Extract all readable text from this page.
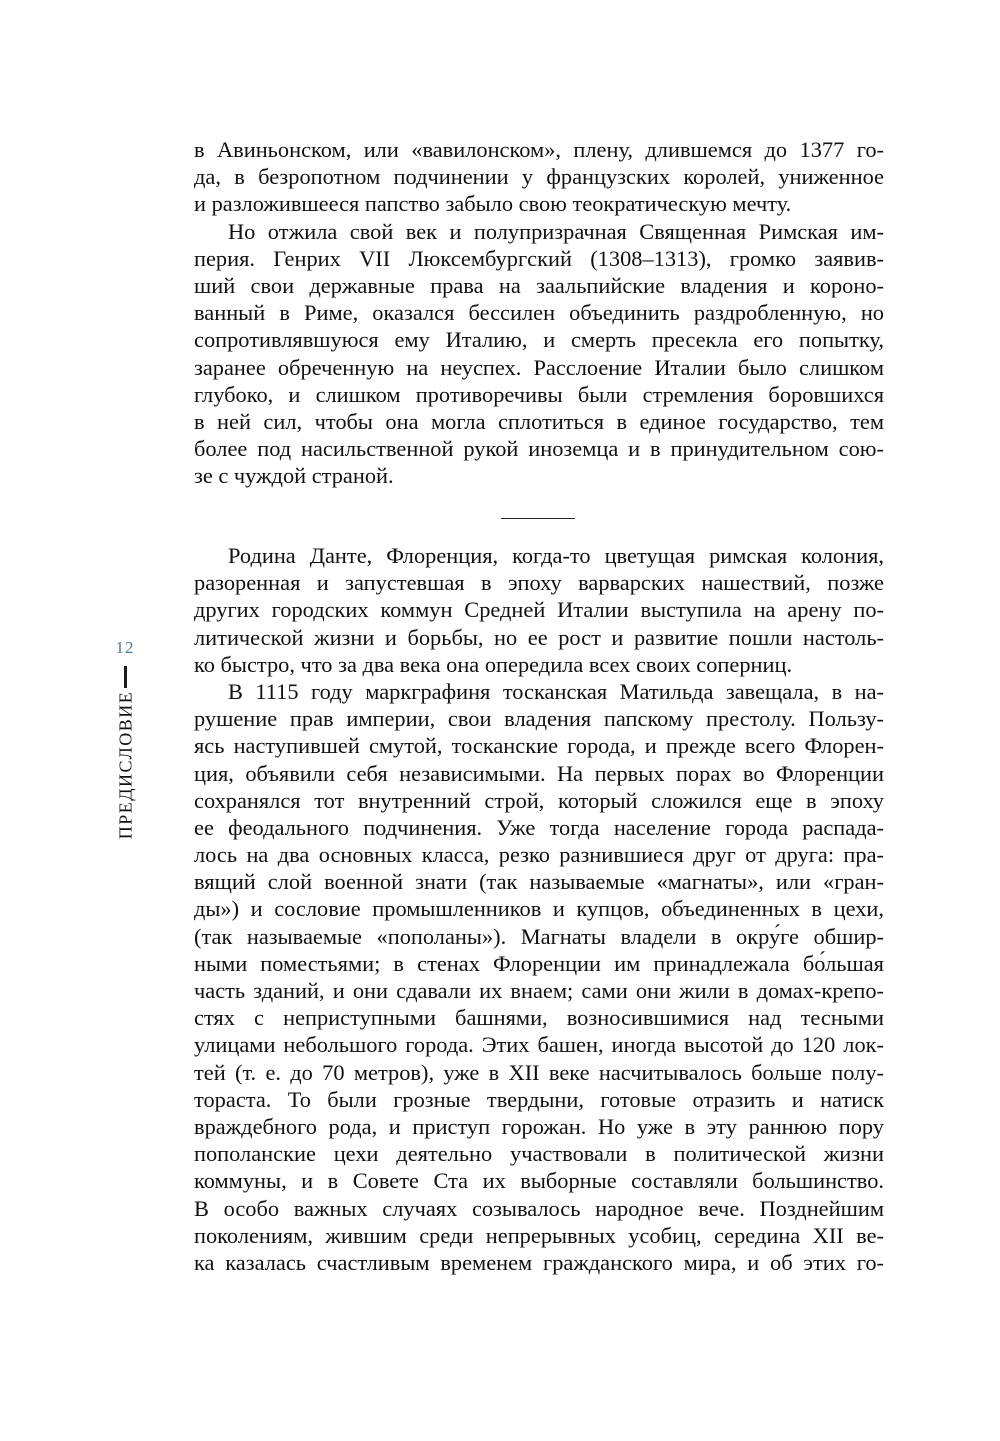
в Авиньонском, или «вавилонском», плену, длившемся до 1377 го-
да, в безропотном подчинении у французских королей, униженное
и разложившееся папство забыло свою теократическую мечту.
Но отжила свой век и полупризрачная Священная Римская им-
перия. Генрих VII Люксембургский (1308–1313), громко заявив-
ший свои державные права на заальпийские владения и короно-
ванный в Риме, оказался бессилен объединить раздробленную, но
сопротивлявшуюся ему Италию, и смерть пресекла его попытку,
заранее обреченную на неуспех. Расслоение Италии было слишком
глубоко, и слишком противоречивы были стремления боровшихся
в ней сил, чтобы она могла сплотиться в единое государство, тем
более под насильственной рукой иноземца и в принудительном сою-
зе с чуждой страной.
Родина Данте, Флоренция, когда-то цветущая римская колония,
разоренная и запустевшая в эпоху варварских нашествий, позже
других городских коммун Средней Италии выступила на арену по-
литической жизни и борьбы, но ее рост и развитие пошли настоль-
ко быстро, что за два века она опередила всех своих соперниц.
В 1115 году маркграфиня тосканская Матильда завещала, в на-
рушение прав империи, свои владения папскому престолу. Пользу-
ясь наступившей смутой, тосканские города, и прежде всего Флорен-
ция, объявили себя независимыми. На первых порах во Флоренции
сохранялся тот внутренний строй, который сложился еще в эпоху
ее феодального подчинения. Уже тогда население города распада-
лось на два основных класса, резко разнившиеся друг от друга: пра-
вящий слой военной знати (так называемые «магнаты», или «гран-
ды») и сословие промышленников и купцов, объединенных в цехи,
(так называемые «пополаны»). Магнаты владели в окру́ге обшир-
ными поместьями; в стенах Флоренции им принадлежала бо́льшая
часть зданий, и они сдавали их внаем; сами они жили в домах-крепо-
стях с неприступными башнями, возносившимися над тесными
улицами небольшого города. Этих башен, иногда высотой до 120 лок-
тей (т. е. до 70 метров), уже в XII веке насчитывалось больше полу-
тораста. То были грозные твердыни, готовые отразить и натиск
враждебного рода, и приступ горожан. Но уже в эту раннюю пору
пополанские цехи деятельно участвовали в политической жизни
коммуны, и в Совете Ста их выборные составляли большинство.
В особо важных случаях созывалось народное вече. Позднейшим
поколениям, жившим среди непрерывных усобиц, середина XII ве-
ка казалась счастливым временем гражданского мира, и об этих го-
12
ПРЕДИСЛОВИЕ
